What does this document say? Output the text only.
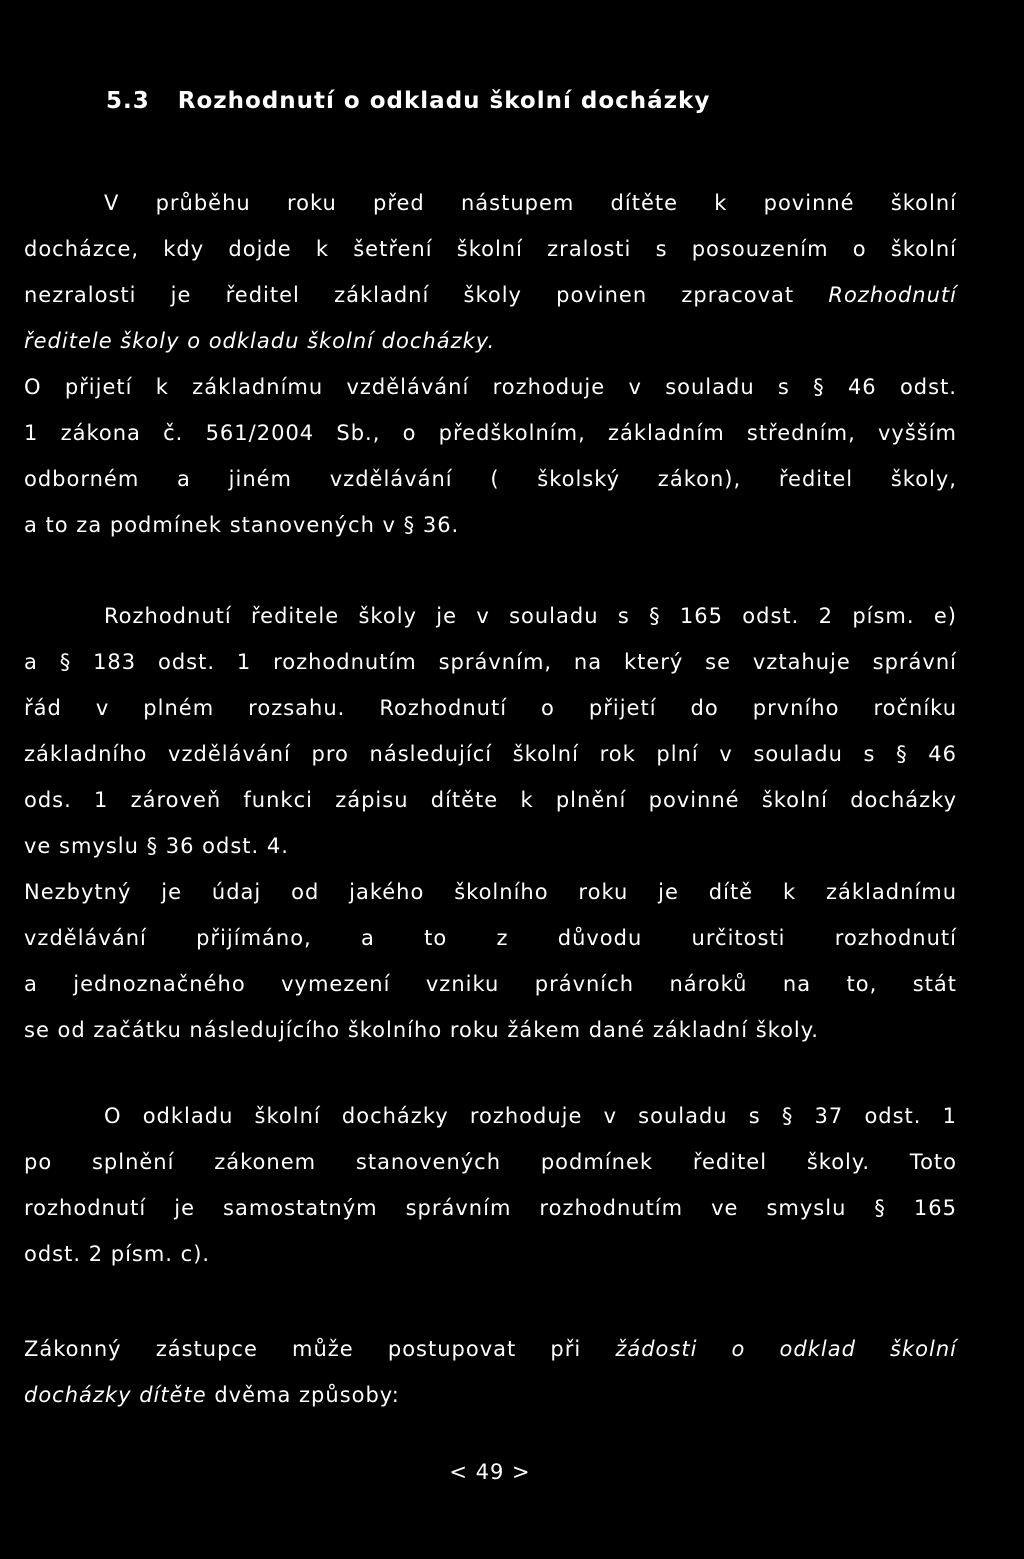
5.3 Rozhodnutí o odkladu školní docházky
V průběhu roku před nástupem dítěte k povinné školní
docházce, kdy dojde k šetření školní zralosti s posouzením o školní
nezralosti je ředitel základní školy povinen zpracovat Rozhodnutí
ředitele školy o odkladu školní docházky.
O přijetí k základnímu vzdělávání rozhoduje v souladu s § 46 odst.
1 zákona č. 561/2004 Sb., o předškolním, základním středním, vyšším
odborném a jiném vzdělávání ( školský zákon), ředitel školy,
a to za podmínek stanovených v § 36.
Rozhodnutí ředitele školy je v souladu s § 165 odst. 2 písm. e)
a § 183 odst. 1 rozhodnutím správním, na který se vztahuje správní
řád v plném rozsahu. Rozhodnutí o přijetí do prvního ročníku
základního vzdělávání pro následující školní rok plní v souladu s § 46
ods. 1 zároveň funkci zápisu dítěte k plnění povinné školní docházky
ve smyslu § 36 odst. 4.
Nezbytný je údaj od jakého školního roku je dítě k základnímu
vzdělávání přijímáno, a to z důvodu určitosti rozhodnutí
a jednoznačného vymezení vzniku právních nároků na to, stát
se od začátku následujícího školního roku žákem dané základní školy.
O odkladu školní docházky rozhoduje v souladu s § 37 odst. 1
po splnění zákonem stanovených podmínek ředitel školy. Toto
rozhodnutí je samostatným správním rozhodnutím ve smyslu § 165
odst. 2 písm. c).
Zákonný zástupce může postupovat při žádosti o odklad školní
docházky dítěte dvěma způsoby:
< 49 >
